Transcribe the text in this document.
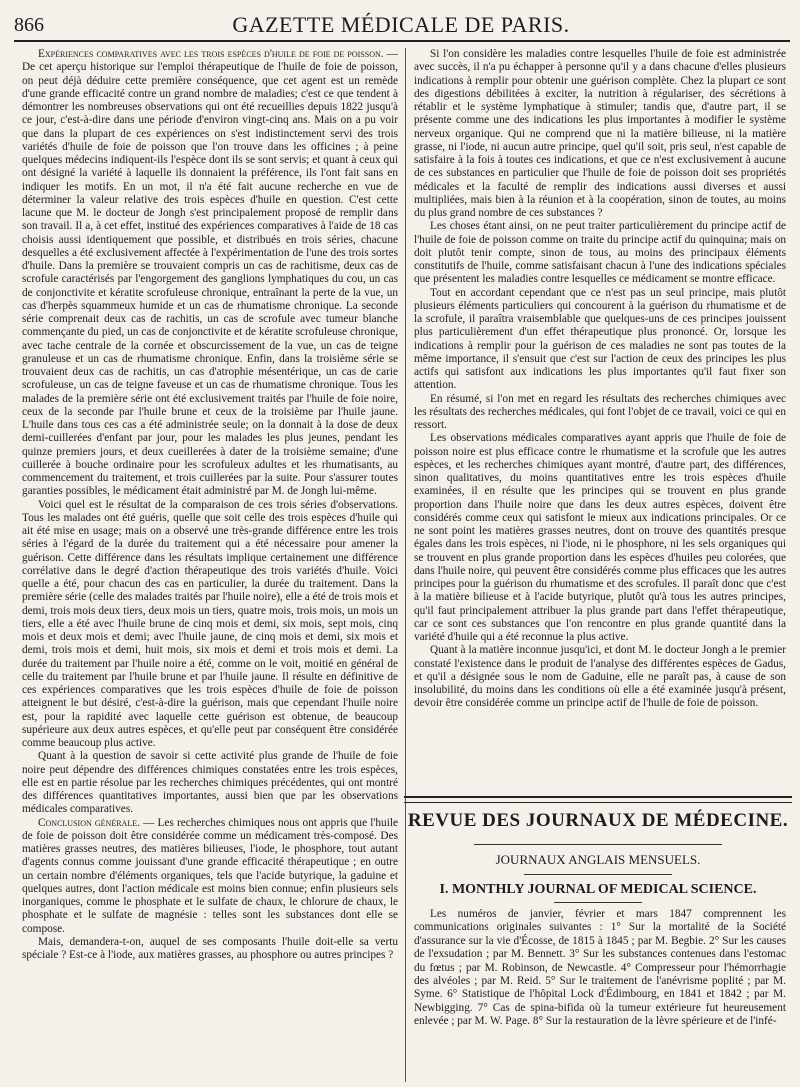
866	GAZETTE MÉDICALE DE PARIS.

Expériences comparatives avec les trois espèces d'huile de foie de poisson. — De cet aperçu historique sur l'emploi thérapeutique de l'huile de foie de poisson, on peut déjà déduire cette première conséquence, que cet agent est un remède d'une grande efficacité contre un grand nombre de maladies; c'est ce que tendent à démontrer les nombreuses observations qui ont été recueillies depuis 1822 jusqu'à ce jour, c'est-à-dire dans une période d'environ vingt-cinq ans. Mais on a pu voir que dans la plupart de ces expériences on s'est indistinctement servi des trois variétés d'huile de foie de poisson que l'on trouve dans les officines ; à peine quelques médecins indiquent-ils l'espèce dont ils se sont servis; et quant à ceux qui ont désigné la variété à laquelle ils donnaient la préférence, ils l'ont fait sans en indiquer les motifs. En un mot, il n'a été fait aucune recherche en vue de déterminer la valeur relative des trois espèces d'huile en question. C'est cette lacune que M. le docteur de Jongh s'est principalement proposé de remplir dans son travail. Il a, à cet effet, institué des expériences comparatives à l'aide de 18 cas choisis aussi identiquement que possible, et distribués en trois séries, chacune desquelles a été exclusivement affectée à l'expérimentation de l'une des trois sortes d'huile. Dans la première se trouvaient compris un cas de rachitisme, deux cas de scrofule caractérisés par l'engorgement des ganglions lymphatiques du cou, un cas de conjonctivite et kératite scrofuleuse chronique, entraînant la perte de la vue, un cas d'herpès squammeux humide et un cas de rhumatisme chronique. La seconde série comprenait deux cas de rachitis, un cas de scrofule avec tumeur blanche commençante du pied, un cas de conjonctivite et de kératite scrofuleuse chronique, avec tache centrale de la cornée et obscurcissement de la vue, un cas de teigne granuleuse et un cas de rhumatisme chronique. Enfin, dans la troisième série se trouvaient deux cas de rachitis, un cas d'atrophie mésentérique, un cas de carie scrofuleuse, un cas de teigne faveuse et un cas de rhumatisme chronique. Tous les malades de la première série ont été exclusivement traités par l'huile de foie noire, ceux de la seconde par l'huile brune et ceux de la troisième par l'huile jaune. L'huile dans tous ces cas a été administrée seule; on la donnait à la dose de deux demi-cuillerées d'enfant par jour, pour les malades les plus jeunes, pendant les quinze premiers jours, et deux cueillerées à dater de la troisième semaine; d'une cuillerée à bouche ordinaire pour les scrofuleux adultes et les rhumatisants, au commencement du traitement, et trois cuillerées par la suite. Pour s'assurer toutes garanties possibles, le médicament était administré par M. de Jongh lui-même.

Voici quel est le résultat de la comparaison de ces trois séries d'observations. Tous les malades ont été guéris, quelle que soit celle des trois espèces d'huile qui ait été mise en usage; mais on a observé une très-grande différence entre les trois séries à l'égard de la durée du traitement qui a été nécessaire pour amener la guérison. Cette différence dans les résultats implique certainement une différence corrélative dans le degré d'action thérapeutique des trois variétés d'huile. Voici quelle a été, pour chacun des cas en particulier, la durée du traitement. Dans la première série (celle des malades traités par l'huile noire), elle a été de trois mois et demi, trois mois deux tiers, deux mois un tiers, quatre mois, trois mois, un mois un tiers, elle a été avec l'huile brune de cinq mois et demi, six mois, sept mois, cinq mois et deux mois et demi; avec l'huile jaune, de cinq mois et demi, six mois et demi, trois mois et demi, huit mois, six mois et demi et trois mois et demi. La durée du traitement par l'huile noire a été, comme on le voit, moitié en général de celle du traitement par l'huile brune et par l'huile jaune. Il résulte en définitive de ces expériences comparatives que les trois espèces d'huile de foie de poisson atteignent le but désiré, c'est-à-dire la guérison, mais que cependant l'huile noire est, pour la rapidité avec laquelle cette guérison est obtenue, de beaucoup supérieure aux deux autres espèces, et qu'elle peut par conséquent être considérée comme beaucoup plus active.

Quant à la question de savoir si cette activité plus grande de l'huile de foie noire peut dépendre des différences chimiques constatées entre les trois espèces, elle est en partie résolue par les recherches chimiques précédentes, qui ont montré des différences quantitatives importantes, aussi bien que par les observations médicales comparatives.

Conclusion générale. — Les recherches chimiques nous ont appris que l'huile de foie de poisson doit être considérée comme un médicament très-composé. Des matières grasses neutres, des matières bilieuses, l'iode, le phosphore, tout autant d'agents connus comme jouissant d'une grande efficacité thérapeutique ; en outre un certain nombre d'éléments organiques, tels que l'acide butyrique, la gaduine et quelques autres, dont l'action médicale est moins bien connue; enfin plusieurs sels inorganiques, comme le phosphate et le sulfate de chaux, le chlorure de chaux, le phosphate et le sulfate de magnésie : telles sont les substances dont elle se compose.

Mais, demandera-t-on, auquel de ses composants l'huile doit-elle sa vertu spéciale ? Est-ce à l'iode, aux matières grasses, au phosphore ou autres principes ?

Si l'on considère les maladies contre lesquelles l'huile de foie est administrée avec succès, il n'a pu échapper à personne qu'il y a dans chacune d'elles plusieurs indications à remplir pour obtenir une guérison complète. Chez la plupart ce sont des digestions débilitées à exciter, la nutrition à régulariser, des sécrétions à rétablir et le système lymphatique à stimuler; tandis que, d'autre part, il se présente comme une des indications les plus importantes à modifier le système nerveux organique. Qui ne comprend que ni la matière bilieuse, ni la matière grasse, ni l'iode, ni aucun autre principe, quel qu'il soit, pris seul, n'est capable de satisfaire à la fois à toutes ces indications, et que ce n'est exclusivement à aucune de ces substances en particulier que l'huile de foie de poisson doit ses propriétés médicales et la faculté de remplir des indications aussi diverses et aussi multipliées, mais bien à la réunion et à la coopération, sinon de toutes, au moins du plus grand nombre de ces substances ?

Les choses étant ainsi, on ne peut traiter particulièrement du principe actif de l'huile de foie de poisson comme on traite du principe actif du quinquina; mais on doit plutôt tenir compte, sinon de tous, au moins des principaux éléments constitutifs de l'huile, comme satisfaisant chacun à l'une des indications spéciales que présentent les maladies contre lesquelles ce médicament se montre efficace.

Tout en accordant cependant que ce n'est pas un seul principe, mais plutôt plusieurs éléments particuliers qui concourent à la guérison du rhumatisme et de la scrofule, il paraîtra vraisemblable que quelques-uns de ces principes jouissent plus particulièrement d'un effet thérapeutique plus prononcé. Or, lorsque les indications à remplir pour la guérison de ces maladies ne sont pas toutes de la même importance, il s'ensuit que c'est sur l'action de ceux des principes les plus actifs qui satisfont aux indications les plus importantes qu'il faut fixer son attention.

En résumé, si l'on met en regard les résultats des recherches chimiques avec les résultats des recherches médicales, qui font l'objet de ce travail, voici ce qui en ressort.

Les observations médicales comparatives ayant appris que l'huile de foie de poisson noire est plus efficace contre le rhumatisme et la scrofule que les autres espèces, et les recherches chimiques ayant montré, d'autre part, des différences, sinon qualitatives, du moins quantitatives entre les trois espèces d'huile examinées, il en résulte que les principes qui se trouvent en plus grande proportion dans l'huile noire que dans les deux autres espèces, doivent être considérés comme ceux qui satisfont le mieux aux indications principales. Or ce ne sont point les matières grasses neutres, dont on trouve des quantités presque égales dans les trois espèces, ni l'iode, ni le phosphore, ni les sels organiques qui se trouvent en plus grande proportion dans les espèces d'huiles peu colorées, que dans l'huile noire, qui peuvent être considérés comme plus efficaces que les autres principes pour la guérison du rhumatisme et des scrofules. Il paraît donc que c'est à la matière bilieuse et à l'acide butyrique, plutôt qu'à tous les autres principes, qu'il faut principalement attribuer la plus grande part dans l'effet thérapeutique, car ce sont ces substances que l'on rencontre en plus grande quantité dans la variété d'huile qui a été reconnue la plus active.

Quant à la matière inconnue jusqu'ici, et dont M. le docteur Jongh a le premier constaté l'existence dans le produit de l'analyse des différentes espèces de Gadus, et qu'il a désignée sous le nom de Gaduine, elle ne paraît pas, à cause de son insolubilité, du moins dans les conditions où elle a été examinée jusqu'à présent, devoir être considérée comme un principe actif de l'huile de foie de poisson.

REVUE DES JOURNAUX DE MÉDECINE.
JOURNAUX ANGLAIS MENSUELS.
I. MONTHLY JOURNAL OF MEDICAL SCIENCE.

Les numéros de janvier, février et mars 1847 comprennent les communications originales suivantes : 1° Sur la mortalité de la Société d'assurance sur la vie d'Écosse, de 1815 à 1845 ; par M. Begbie. 2° Sur les causes de l'exsudation ; par M. Bennett. 3° Sur les substances contenues dans l'estomac du fœtus ; par M. Robinson, de Newcastle. 4° Compresseur pour l'hémorrhagie des alvéoles ; par M. Reid. 5° Sur le traitement de l'anévrisme poplité ; par M. Syme. 6° Statistique de l'hôpital Lock d'Édimbourg, en 1841 et 1842 ; par M. Newbigging. 7° Cas de spina-bifida où la tumeur extérieure fut heureusement enlevée ; par M. W. Page. 8° Sur la restauration de la lèvre spérieure et de l'infé-
